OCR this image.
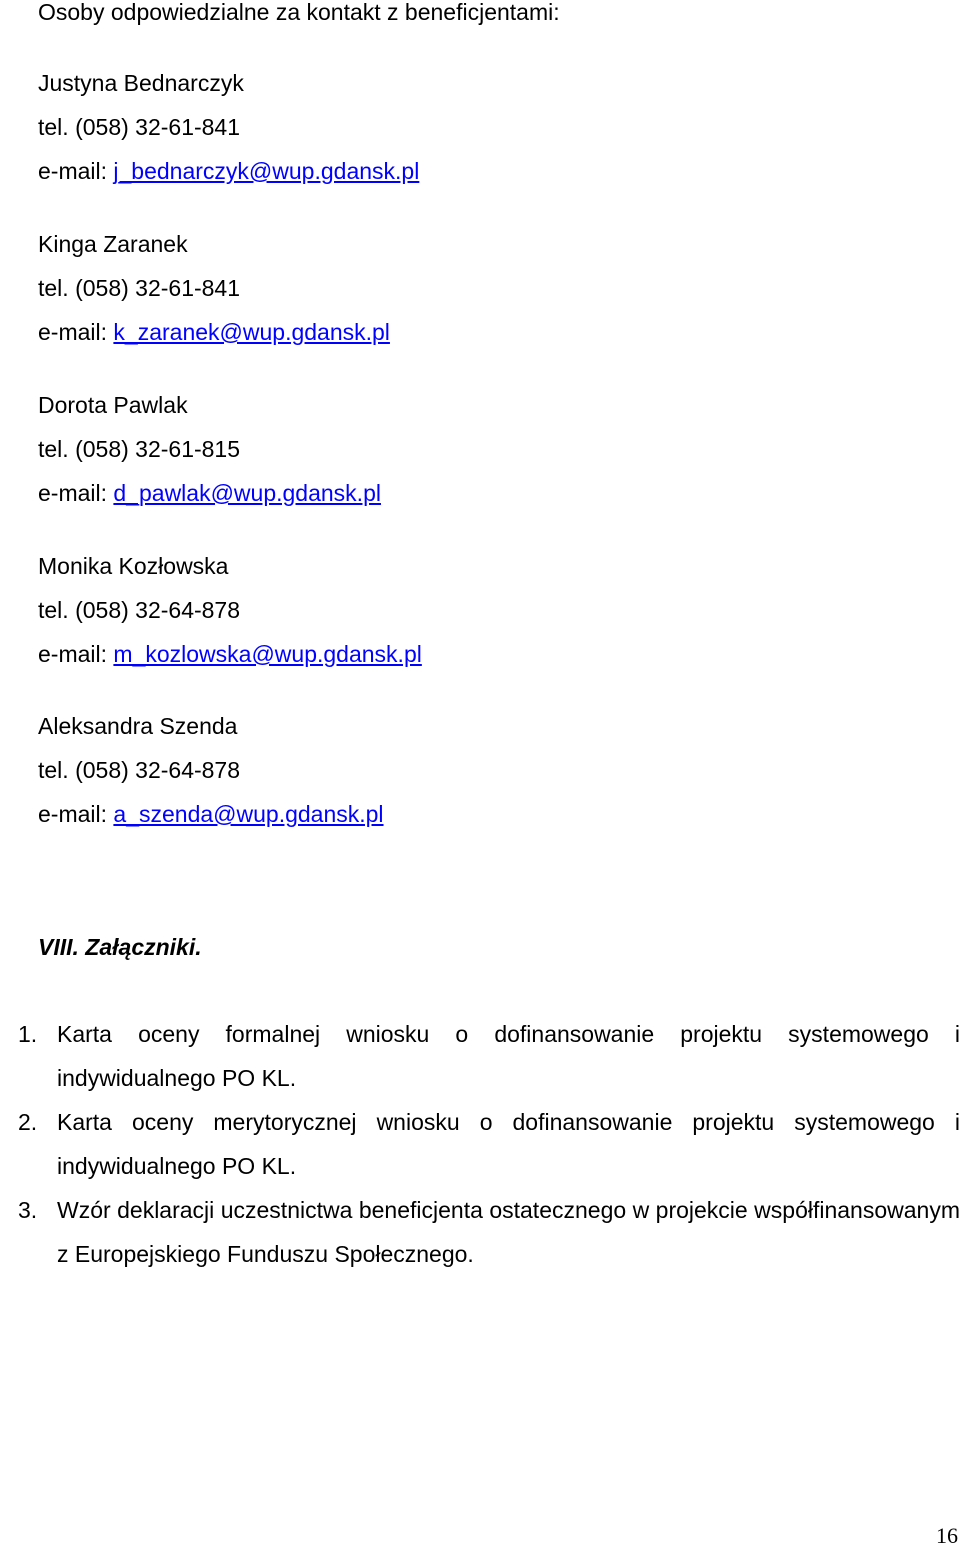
Osoby odpowiedzialne za kontakt z beneficjentami:
Justyna Bednarczyk
tel. (058) 32-61-841
e-mail: j_bednarczyk@wup.gdansk.pl
Kinga Zaranek
tel. (058) 32-61-841
e-mail: k_zaranek@wup.gdansk.pl
Dorota Pawlak
tel. (058) 32-61-815
e-mail: d_pawlak@wup.gdansk.pl
Monika Kozłowska
tel. (058) 32-64-878
e-mail: m_kozlowska@wup.gdansk.pl
Aleksandra Szenda
tel. (058) 32-64-878
e-mail: a_szenda@wup.gdansk.pl
VIII. Załączniki.
1. Karta oceny formalnej wniosku o dofinansowanie projektu systemowego i indywidualnego PO KL.
2. Karta oceny merytorycznej wniosku o dofinansowanie projektu systemowego i indywidualnego PO KL.
3. Wzór deklaracji uczestnictwa beneficjenta ostatecznego w projekcie współfinansowanym z Europejskiego Funduszu Społecznego.
16
